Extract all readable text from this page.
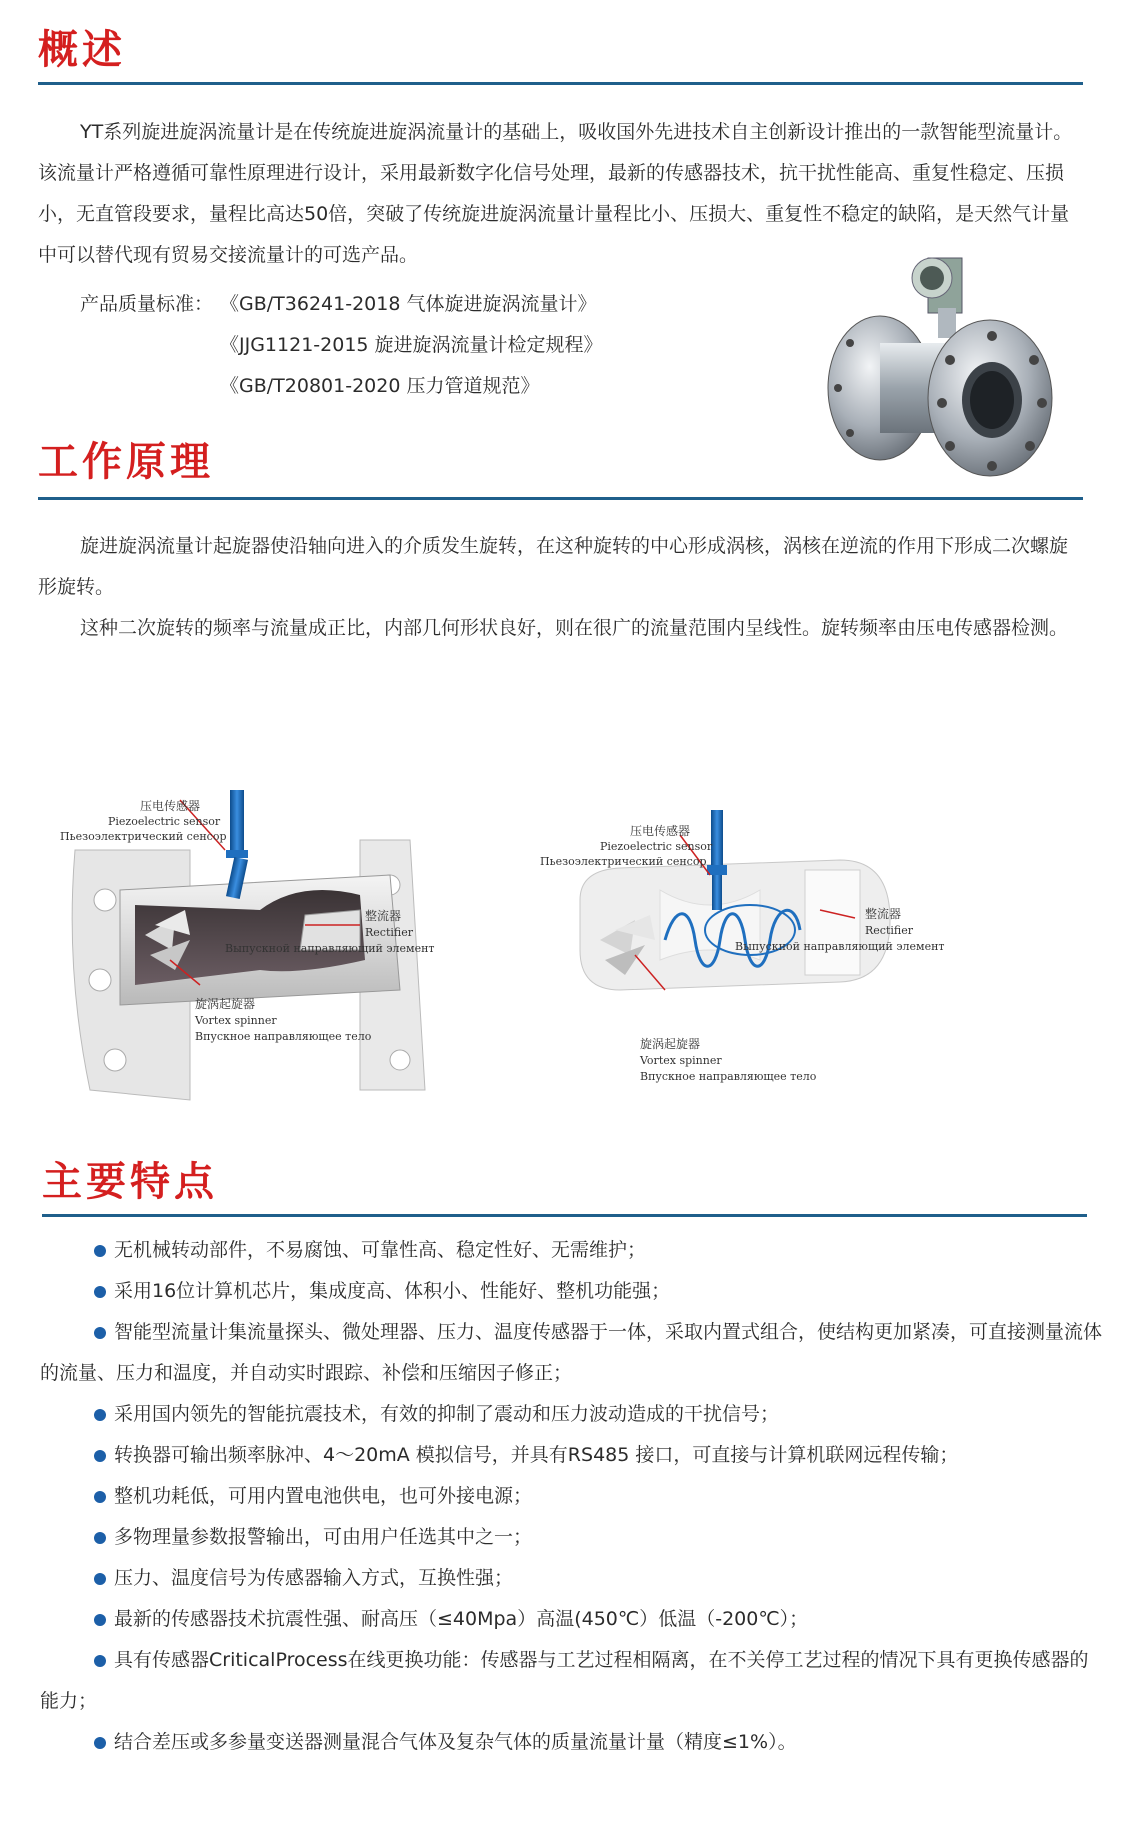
概述

YT系列旋进旋涡流量计是在传统旋进旋涡流量计的基础上，吸收国外先进技术自主创新设计推出的一款智能型流量计。该流量计严格遵循可靠性原理进行设计，采用最新数字化信号处理，最新的传感器技术，抗干扰性能高、重复性稳定、压损小，无直管段要求，量程比高达50倍，突破了传统旋进旋涡流量计量程比小、压损大、重复性不稳定的缺陷，是天然气计量中可以替代现有贸易交接流量计的可选产品。

产品质量标准： 《GB/T36241-2018 气体旋进旋涡流量计》

《JJG1121-2015 旋进旋涡流量计检定规程》

《GB/T20801-2020 压力管道规范》

工作原理

旋进旋涡流量计起旋器使沿轴向进入的介质发生旋转，在这种旋转的中心形成涡核，涡核在逆流的作用下形成二次螺旋形旋转。

这种二次旋转的频率与流量成正比，内部几何形状良好，则在很广的流量范围内呈线性。旋转频率由压电传感器检测。

压电传感器
Piezoelectric sensor
Пьезоэлектрический сенсор
整流器
Rectifier
Выпускной направляющий элемент
旋涡起旋器
Vortex spinner
Впускное направляющее тело
压电传感器
Piezoelectric sensor
Пьезоэлектрический сенсор
整流器
Rectifier
Выпускной направляющий элемент
旋涡起旋器
Vortex spinner
Впускное направляющее тело
主要特点
无机械转动部件，不易腐蚀、可靠性高、稳定性好、无需维护；
采用16位计算机芯片，集成度高、体积小、性能好、整机功能强；
智能型流量计集流量探头、微处理器、压力、温度传感器于一体，采取内置式组合，使结构更加紧凑，可直接测量流体的流量、压力和温度，并自动实时跟踪、补偿和压缩因子修正；
采用国内领先的智能抗震技术，有效的抑制了震动和压力波动造成的干扰信号；
转换器可输出频率脉冲、4～20mA 模拟信号，并具有RS485 接口，可直接与计算机联网远程传输；
整机功耗低，可用内置电池供电，也可外接电源；
多物理量参数报警输出，可由用户任选其中之一；
压力、温度信号为传感器输入方式，互换性强；
最新的传感器技术抗震性强、耐高压（≤40Mpa）高温(450℃）低温（-200℃）；
具有传感器CriticalProcess在线更换功能：传感器与工艺过程相隔离，在不关停工艺过程的情况下具有更换传感器的能力；
结合差压或多参量变送器测量混合气体及复杂气体的质量流量计量（精度≤1%）。
